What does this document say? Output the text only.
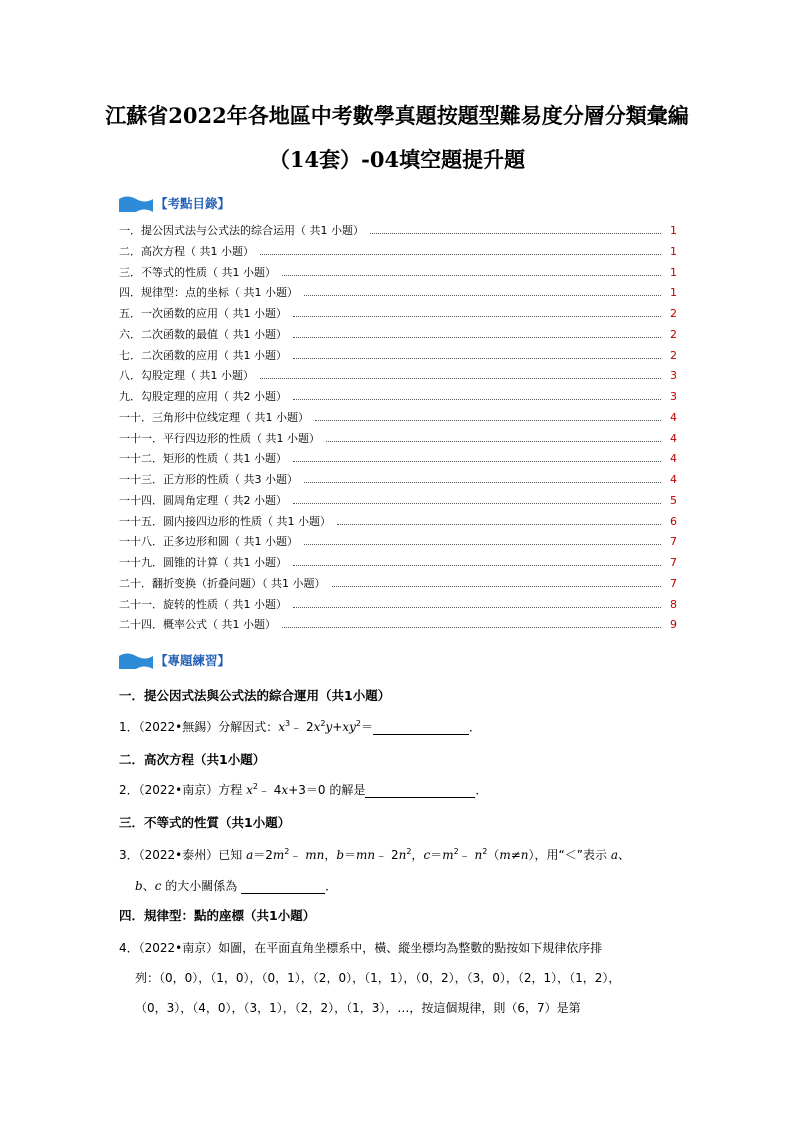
江蘇省2022年各地區中考數學真題按題型難易度分層分類彙編
（14套）-04填空題提升題
【考點目錄】
一．提公因式法与公式法的综合运用（ 共1 小题）	1
二．高次方程（ 共1 小题）	1
三．不等式的性质（ 共1 小题）	1
四．规律型：点的坐标（ 共1 小题）	1
五．一次函数的应用（ 共1 小题）	2
六．二次函数的最值（ 共1 小题）	2
七．二次函数的应用（ 共1 小题）	2
八．勾股定理（ 共1 小题）	3
九．勾股定理的应用（ 共2 小题）	3
一十．三角形中位线定理（ 共1 小题）	4
一十一．平行四边形的性质（ 共1 小题）	4
一十二．矩形的性质（ 共1 小题）	4
一十三．正方形的性质（ 共3 小题）	4
一十四．圆周角定理（ 共2 小题）	5
一十五．圆内接四边形的性质（ 共1 小题）	6
一十八．正多边形和圆（ 共1 小题）	7
一十九．圆锥的计算（ 共1 小题）	7
二十．翻折变换（折叠问题）（ 共1 小题）	7
二十一．旋转的性质（ 共1 小题）	8
二十四．概率公式（ 共1 小题）	9
【專題練習】
一．提公因式法與公式法的綜合運用（共1小題）
1．（2022•無錫）分解因式：$x^3﹣$ $2x^2y+xy^2=$	．
二．高次方程（共1小題）
2．（2022•南京）方程 $x^2﹣$ 4x+3＝0 的解是	．
三．不等式的性質（共1小題）
3．（2022•泰州）已知 $a=2m^2﹣$ mn，b＝mn﹣ $2n^2$，$c=m^2﹣$ $n^2(m\ne n)$，用“＜”表示 a、
b、c 的大小關係為	．
四．規律型：點的座標（共1小題）
4．（2022•南京）如圖，在平面直角坐標系中，橫、縱坐標均為整數的點按如下規律依序排
列：（0，0），（1，0），（0，1），（2，0），（1，1），（0，2），（3，0），（2，1），（1，2），
（0，3），（4，0），（3，1），（2，2），（1，3），…，按這個規律，則（6，7）是第
